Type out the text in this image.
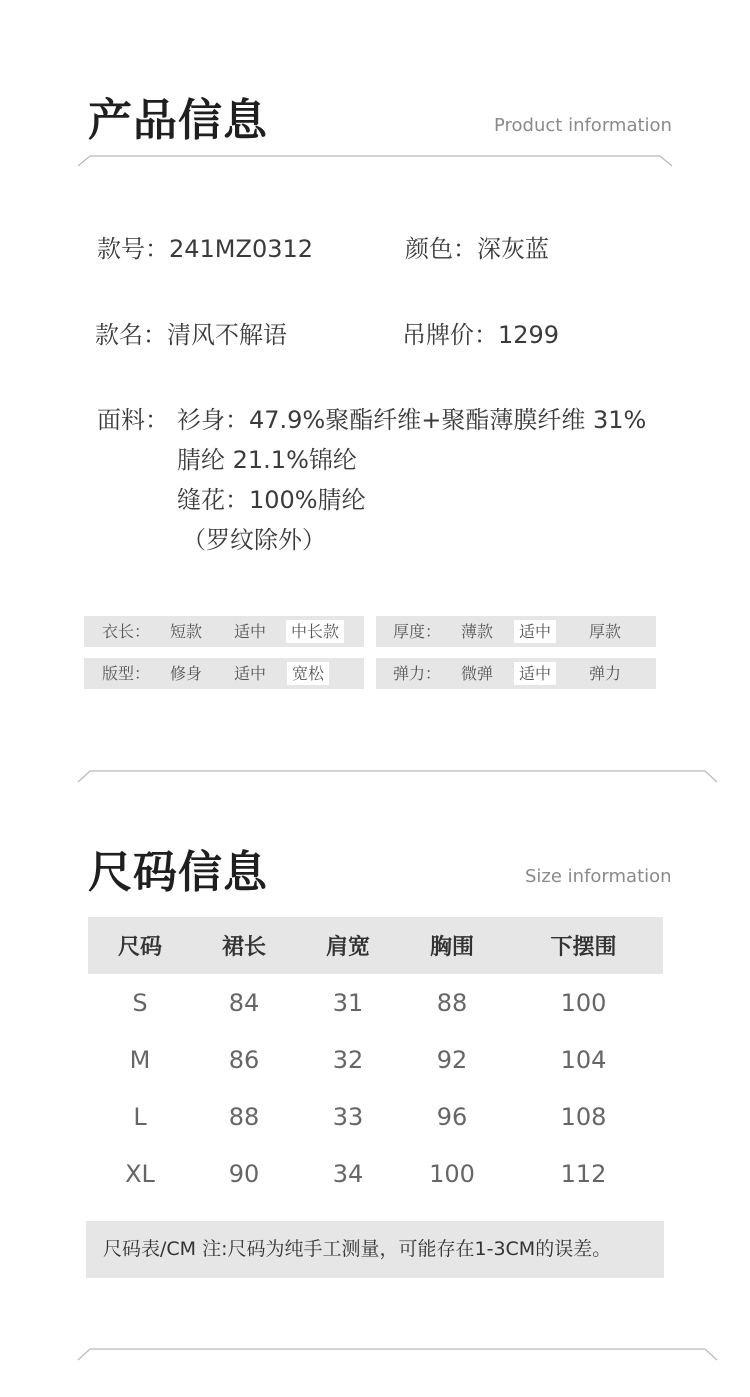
产品信息	Product information
款号：241MZ0312	颜色：深灰蓝
款名：清风不解语	吊牌价：1299
面料： 衫身：47.9%聚酯纤维+聚酯薄膜纤维 31%
腈纶 21.1%锦纶
缝花：100%腈纶
（罗纹除外）
衣长： 短款 适中	中长款	厚度： 薄款	适中	厚款
版型： 修身 适中	宽松	弹力： 微弹	适中	弹力
尺码信息	Size information
尺码	裙长	肩宽	胸围	下摆围
S	84	31	88	100
M	86	32	92	104
L	88	33	96	108
XL	90	34	100	112
尺码表/CM 注:尺码为纯手工测量，可能存在1-3CM的误差。
